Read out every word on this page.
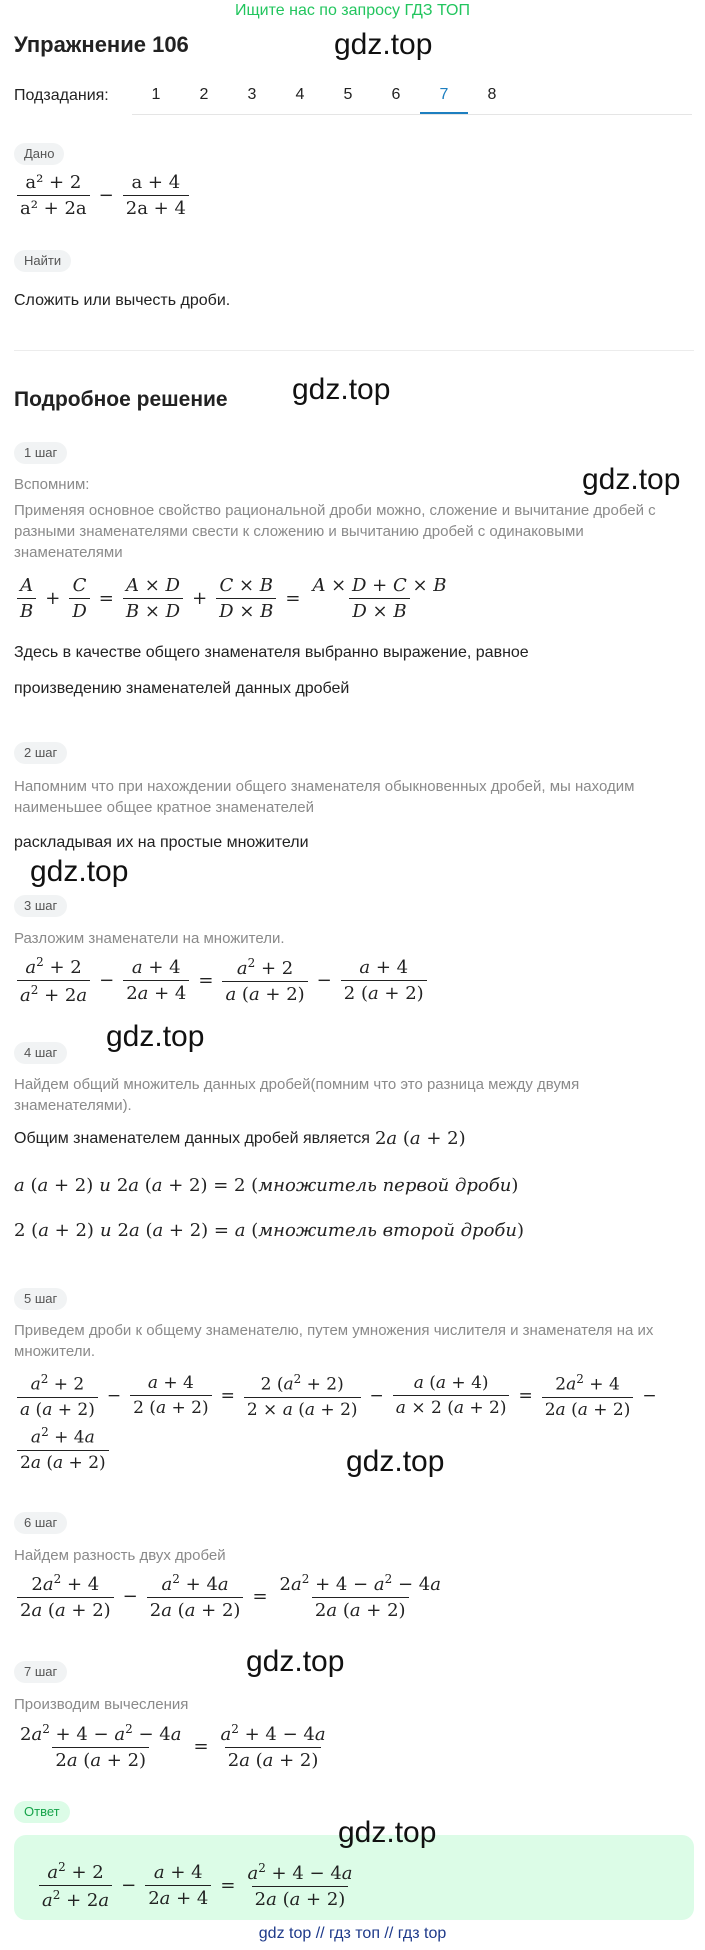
Ищите нас по запросу ГДЗ ТОП
Упражнение 106	gdz.top
Подзадания:	1	2	3	4	5	6	7	8
Дано
$\frac{\text{a² + 2}}{\text{a² + 2a}} - \frac{a + 4}{2a + 4}$
Найти
Сложить или вычесть дроби.
Подробное решение gdz.top
1 шаг
Вспомним:	gdz.top
Применяя основное свойство рациональной дроби можно, сложение и вычитание дробей с разными знаменателями свести к сложению и вычитанию дробей с одинаковыми знаменателями
$\frac{A}{B} + \frac{C}{D} = \frac{A \times D}{B \times D} + \frac{C \times B}{D \times B} = \frac{A \times D + C \times B}{D \times B}$
Здесь в качестве общего знаменателя выбранно выражение, равное
произведению знаменателей данных дробей
2 шаг
Напомним что при нахождении общего знаменателя обыкновенных дробей, мы находим наименьшее общее кратное знаменателей
раскладывая их на простые множители
gdz.top
3 шаг
Разложим знаменатели на множители.
$\frac{a^2 + 2}{a^2 + 2a} - \frac{a + 4}{2a + 4} = \frac{a^2 + 2}{a (a + 2)} - \frac{a + 4}{2 (a + 2)}$
4 шаг	gdz.top
Найдем общий множитель данных дробей(помним что это разница между двумя знаменателями).
Общим знаменателем данных дробей является 2a (a + 2)
a (a + 2) и 2a (a + 2) = 2 ( множитель первой дроби )
2 (a + 2) и 2a (a + 2) = a ( множитель второй дроби )
5 шаг
Приведем дроби к общему знаменателю, путем умножения числителя и знаменателя на их множители.
$\frac{a^2 + 2}{a (a + 2)} - \frac{a + 4}{2 (a + 2)} = \frac{2 (a^2 + 2)}{2 \times a (a + 2)} - \frac{a (a + 4)}{a \times 2 (a + 2)} = \frac{2a^2 + 4}{2a (a + 2)}$ −
$\frac{a^2 + 4a}{2a (a + 2)}$	gdz.top
6 шаг
Найдем разность двух дробей
$\frac{2a^2 + 4}{2a (a + 2)} - \frac{a^2 + 4a}{2a (a + 2)} = \frac{2a^2 + 4 - a^2 - 4a}{2a (a + 2)}$
gdz.top
7 шаг
Производим вычесления
$\frac{2a^2 + 4 - a^2 - 4a}{2a (a + 2)} = \frac{a^2 + 4 - 4a}{2a (a + 2)}$
Ответ
gdz.top
$\frac{a^2 + 2}{a^2 + 2a} - \frac{a + 4}{2a + 4} = \frac{a^2 + 4 - 4a}{2a (a + 2)}$
gdz top // гдз топ // гдз top
